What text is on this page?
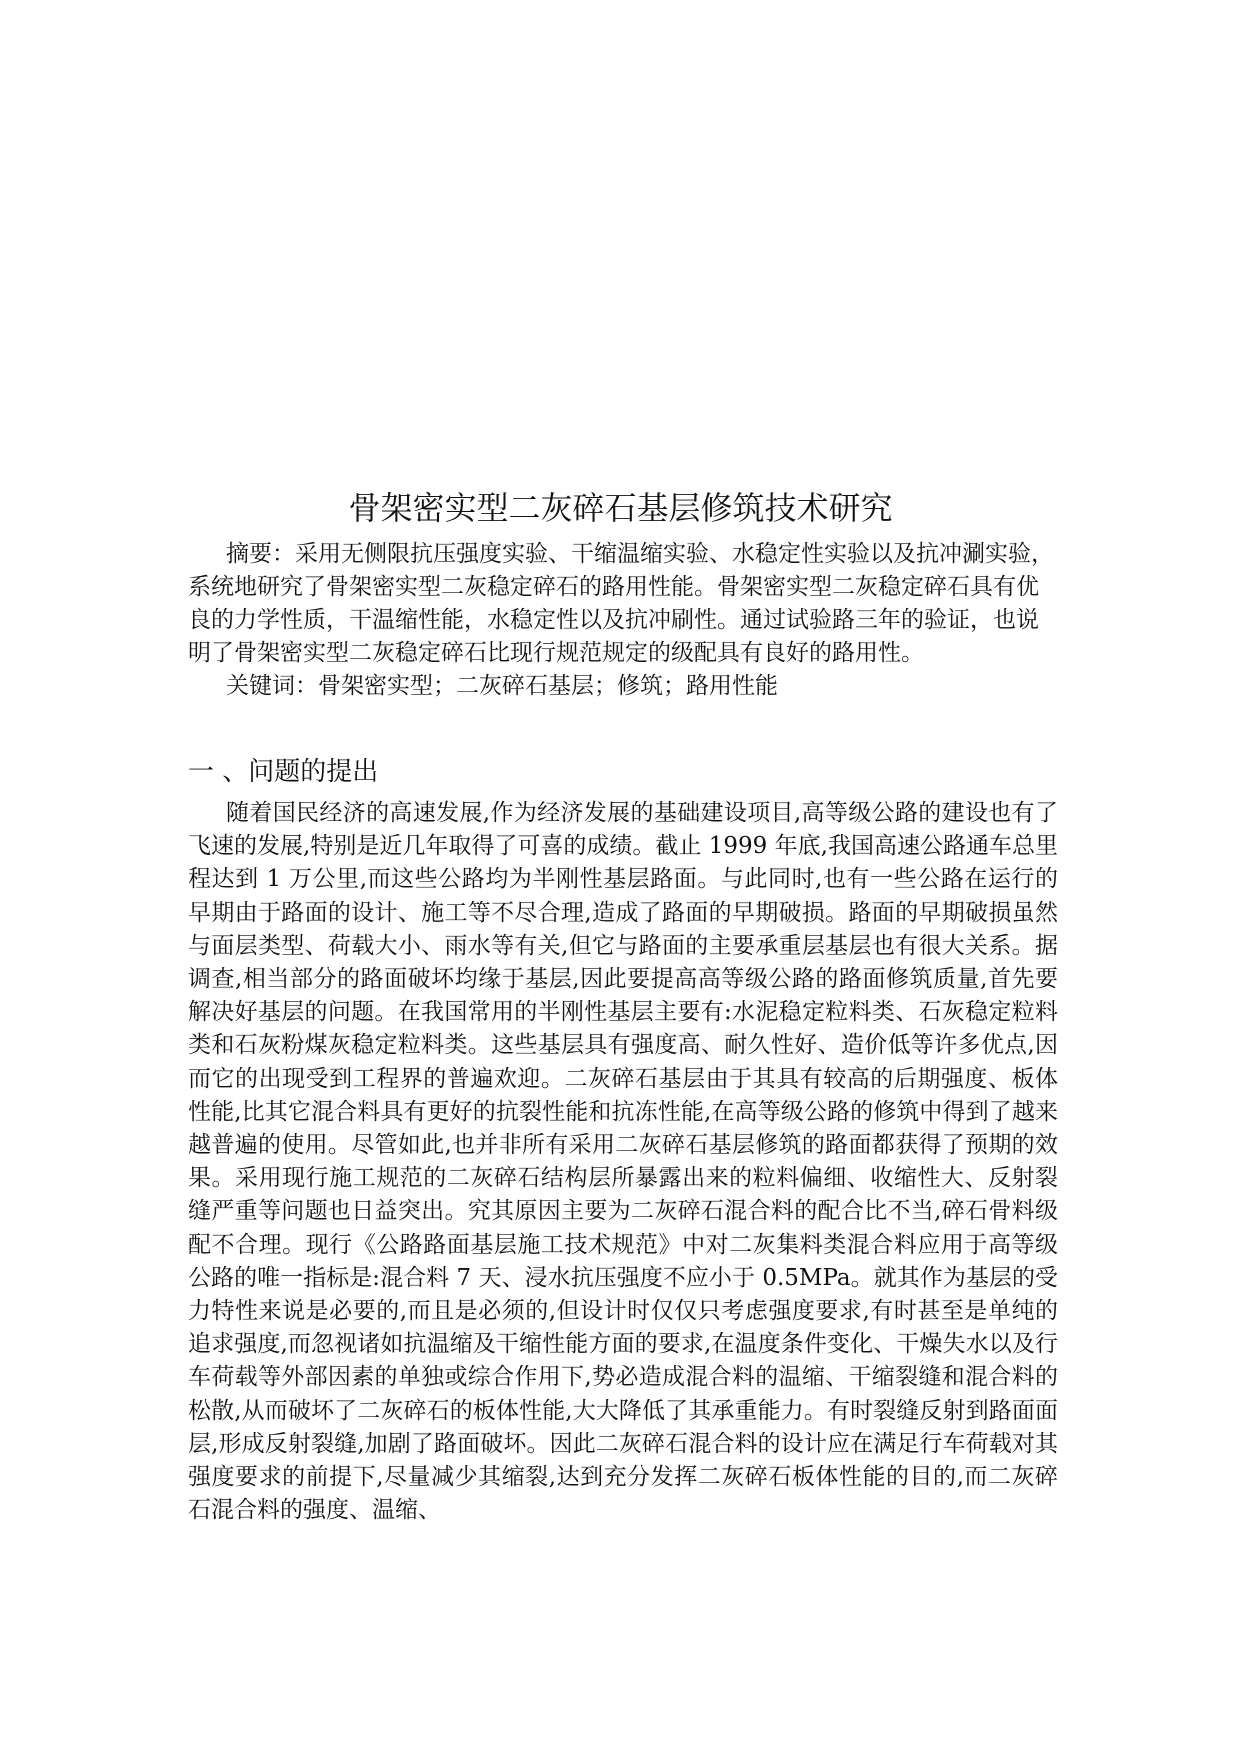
骨架密实型二灰碎石基层修筑技术研究

摘要：采用无侧限抗压强度实验、干缩温缩实验、水稳定性实验以及抗冲涮实验，系统地研究了骨架密实型二灰稳定碎石的路用性能。骨架密实型二灰稳定碎石具有优良的力学性质，干温缩性能，水稳定性以及抗冲刷性。通过试验路三年的验证，也说明了骨架密实型二灰稳定碎石比现行规范规定的级配具有良好的路用性。

关键词：骨架密实型；二灰碎石基层；修筑；路用性能

一 、问题的提出

随着国民经济的高速发展,作为经济发展的基础建设项目,高等级公路的建设也有了飞速的发展,特别是近几年取得了可喜的成绩。截止 1999 年底,我国高速公路通车总里程达到 1 万公里,而这些公路均为半刚性基层路面。与此同时,也有一些公路在运行的早期由于路面的设计、施工等不尽合理,造成了路面的早期破损。路面的早期破损虽然与面层类型、荷载大小、雨水等有关,但它与路面的主要承重层基层也有很大关系。据调查,相当部分的路面破坏均缘于基层,因此要提高高等级公路的路面修筑质量,首先要解决好基层的问题。在我国常用的半刚性基层主要有:水泥稳定粒料类、石灰稳定粒料类和石灰粉煤灰稳定粒料类。这些基层具有强度高、耐久性好、造价低等许多优点,因而它的出现受到工程界的普遍欢迎。二灰碎石基层由于其具有较高的后期强度、板体性能,比其它混合料具有更好的抗裂性能和抗冻性能,在高等级公路的修筑中得到了越来越普遍的使用。尽管如此,也并非所有采用二灰碎石基层修筑的路面都获得了预期的效果。采用现行施工规范的二灰碎石结构层所暴露出来的粒料偏细、收缩性大、反射裂缝严重等问题也日益突出。究其原因主要为二灰碎石混合料的配合比不当,碎石骨料级配不合理。现行《公路路面基层施工技术规范》中对二灰集料类混合料应用于高等级公路的唯一指标是:混合料 7 天、浸水抗压强度不应小于 0.5MPa。就其作为基层的受力特性来说是必要的,而且是必须的,但设计时仅仅只考虑强度要求,有时甚至是单纯的追求强度,而忽视诸如抗温缩及干缩性能方面的要求,在温度条件变化、干燥失水以及行车荷载等外部因素的单独或综合作用下,势必造成混合料的温缩、干缩裂缝和混合料的松散,从而破坏了二灰碎石的板体性能,大大降低了其承重能力。有时裂缝反射到路面面层,形成反射裂缝,加剧了路面破坏。因此二灰碎石混合料的设计应在满足行车荷载对其强度要求的前提下,尽量减少其缩裂,达到充分发挥二灰碎石板体性能的目的,而二灰碎石混合料的强度、温缩、
